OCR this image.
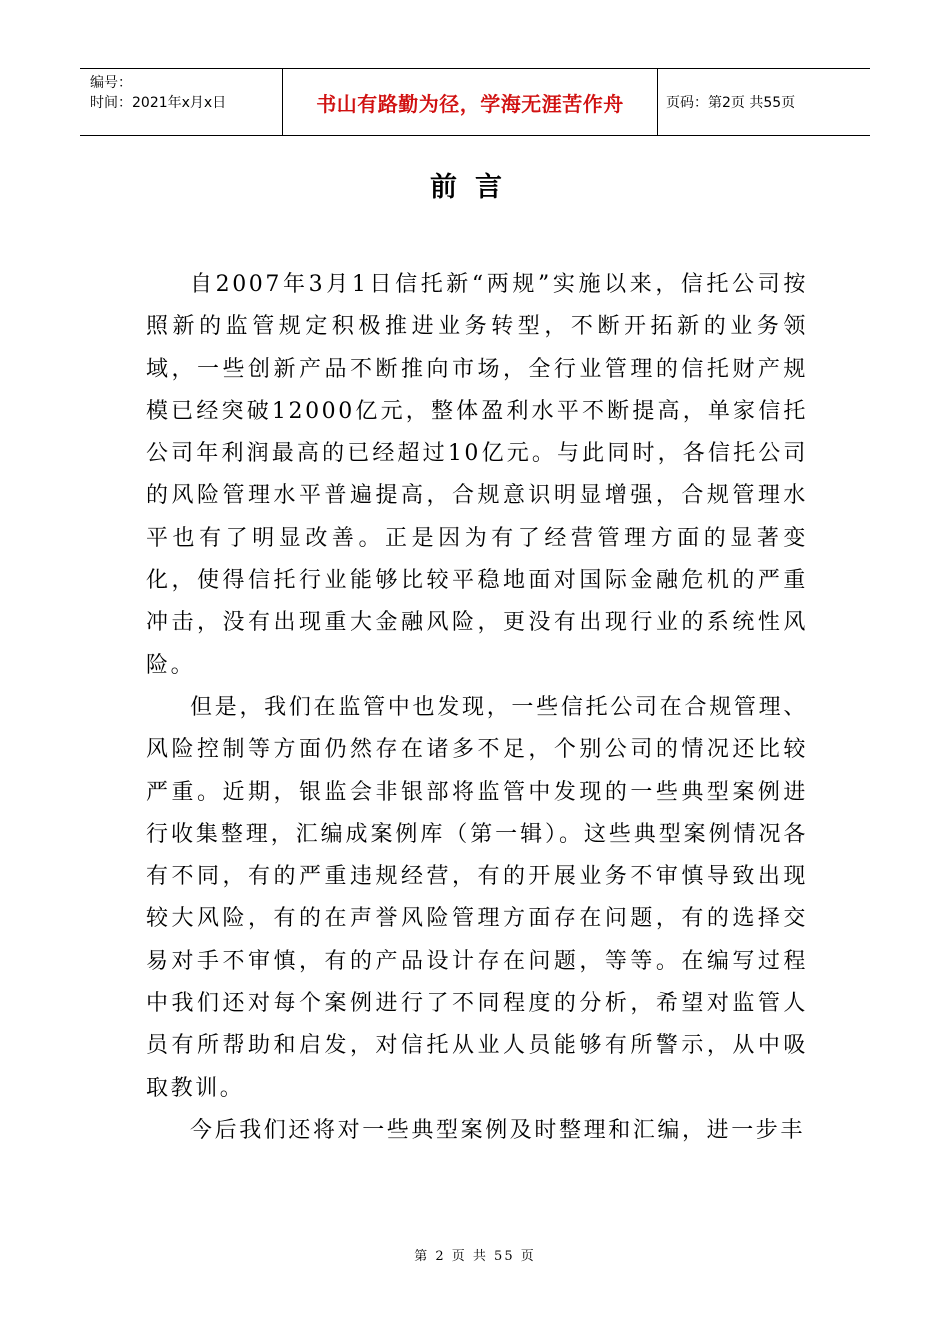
编号：
时间：2021年x月x日	书山有路勤为径，学海无涯苦作舟	页码：第2页 共55页
前言

自2007年3月1日信托新“两规”实施以来，信托公司按照新的监管规定积极推进业务转型，不断开拓新的业务领域，一些创新产品不断推向市场，全行业管理的信托财产规模已经突破12000亿元，整体盈利水平不断提高，单家信托公司年利润最高的已经超过10亿元。与此同时，各信托公司的风险管理水平普遍提高，合规意识明显增强，合规管理水平也有了明显改善。正是因为有了经营管理方面的显著变化，使得信托行业能够比较平稳地面对国际金融危机的严重冲击，没有出现重大金融风险，更没有出现行业的系统性风险。

但是，我们在监管中也发现，一些信托公司在合规管理、风险控制等方面仍然存在诸多不足，个别公司的情况还比较严重。近期，银监会非银部将监管中发现的一些典型案例进行收集整理，汇编成案例库（第一辑）。这些典型案例情况各有不同，有的严重违规经营，有的开展业务不审慎导致出现较大风险，有的在声誉风险管理方面存在问题，有的选择交易对手不审慎，有的产品设计存在问题，等等。在编写过程中我们还对每个案例进行了不同程度的分析，希望对监管人员有所帮助和启发，对信托从业人员能够有所警示，从中吸取教训。

今后我们还将对一些典型案例及时整理和汇编，进一步丰

第 2 页 共 55 页
